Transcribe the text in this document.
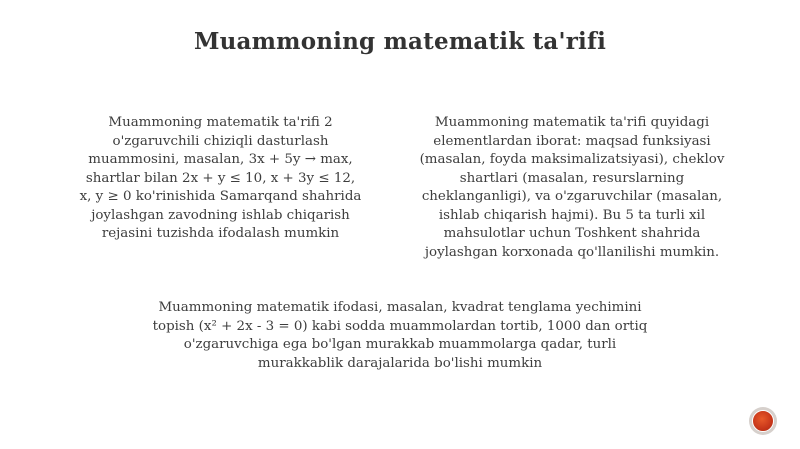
Muammoning matematik ta'rifi
Muammoning matematik ta'rifi 2 o'zgaruvchili chiziqli dasturlash muammosini, masalan, 3x + 5y → max, shartlar bilan 2x + y ≤ 10, x + 3y ≤ 12, x, y ≥ 0 ko'rinishida Samarqand shahrida joylashgan zavodning ishlab chiqarish rejasini tuzishda ifodalash mumkin
Muammoning matematik ta'rifi quyidagi elementlardan iborat: maqsad funksiyasi (masalan, foyda maksimalizatsiyasi), cheklov shartlari (masalan, resurslarning cheklanganligi), va o'zgaruvchilar (masalan, ishlab chiqarish hajmi). Bu 5 ta turli xil mahsulotlar uchun Toshkent shahrida joylashgan korxonada qo'llanilishi mumkin.
Muammoning matematik ifodasi, masalan, kvadrat tenglama yechimini topish (x² + 2x - 3 = 0) kabi sodda muammolardan tortib, 1000 dan ortiq o'zgaruvchiga ega bo'lgan murakkab muammolarga qadar, turli murakkablik darajalarida bo'lishi mumkin
